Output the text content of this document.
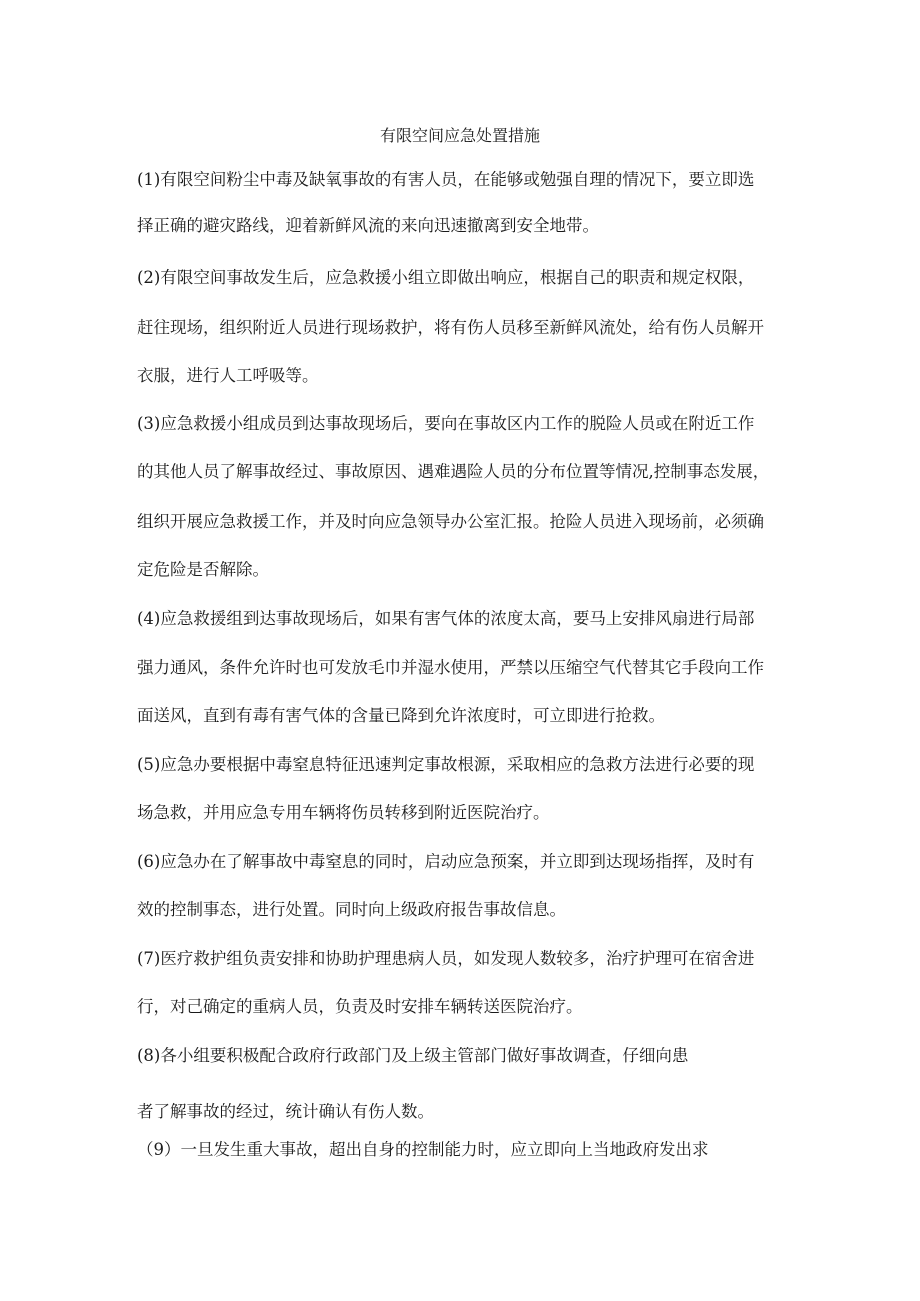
有限空间应急处置措施
(1)有限空间粉尘中毒及缺氧事故的有害人员，在能够或勉强自理的情况下，要立即选
择正确的避灾路线，迎着新鲜风流的来向迅速撤离到安全地带。
(2)有限空间事故发生后，应急救援小组立即做出响应，根据自己的职责和规定权限，
赶往现场，组织附近人员进行现场救护，将有伤人员移至新鲜风流处，给有伤人员解开
衣服，进行人工呼吸等。
(3)应急救援小组成员到达事故现场后，要向在事故区内工作的脱险人员或在附近工作
的其他人员了解事故经过、事故原因、遇难遇险人员的分布位置等情况,控制事态发展，
组织开展应急救援工作，并及时向应急领导办公室汇报。抢险人员进入现场前，必须确
定危险是否解除。
(4)应急救援组到达事故现场后，如果有害气体的浓度太高，要马上安排风扇进行局部
强力通风，条件允许时也可发放毛巾并湿水使用，严禁以压缩空气代替其它手段向工作
面送风，直到有毒有害气体的含量已降到允许浓度时，可立即进行抢救。
(5)应急办要根据中毒窒息特征迅速判定事故根源，采取相应的急救方法进行必要的现
场急救，并用应急专用车辆将伤员转移到附近医院治疗。
(6)应急办在了解事故中毒窒息的同时，启动应急预案，并立即到达现场指挥，及时有
效的控制事态，进行处置。同时向上级政府报告事故信息。
(7)医疗救护组负责安排和协助护理患病人员，如发现人数较多，治疗护理可在宿舍进
行，对己确定的重病人员，负责及时安排车辆转送医院治疗。
(8)各小组要积极配合政府行政部门及上级主管部门做好事故调查，仔细向患
者了解事故的经过，统计确认有伤人数。
（9）一旦发生重大事故，超出自身的控制能力时，应立即向上当地政府发出求
